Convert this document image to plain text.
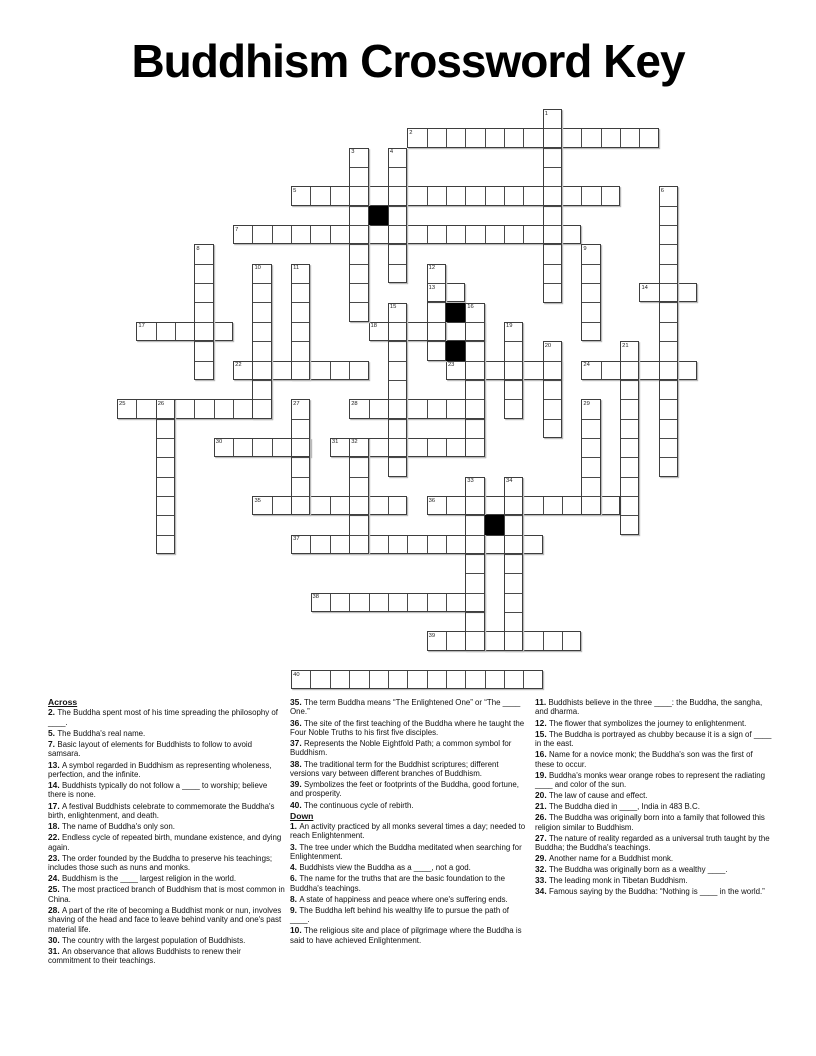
Buddhism Crossword Key
2
5
7
13	14
17	18
22	23	24
25	28
30	31
35	36
37
38
39
40
1
3	4
6
8	9
10	11	12
15	16
19
20	21
26	27	29
32
33	34
Across

2. The Buddha spent most of his time spreading the philosophy of ____.

5. The Buddha's real name.

7. Basic layout of elements for Buddhists to follow to avoid samsara.

13. A symbol regarded in Buddhism as representing wholeness, perfection, and the infinite.

14. Buddhists typically do not follow a ____ to worship; believe there is none.

17. A festival Buddhists celebrate to commemorate the Buddha's birth, enlightenment, and death.

18. The name of Buddha's only son.

22. Endless cycle of repeated birth, mundane existence, and dying again.

23. The order founded by the Buddha to preserve his teachings; includes those such as nuns and monks.

24. Buddhism is the ____ largest religion in the world.

25. The most practiced branch of Buddhism that is most common in China.

28. A part of the rite of becoming a Buddhist monk or nun, involves shaving of the head and face to leave behind vanity and one's past material life.

30. The country with the largest population of Buddhists.

31. An observance that allows Buddhists to renew their commitment to their teachings.

35. The term Buddha means “The Enlightened One” or “The ____ One.”

36. The site of the first teaching of the Buddha where he taught the Four Noble Truths to his first five disciples.

37. Represents the Noble Eightfold Path; a common symbol for Buddhism.

38. The traditional term for the Buddhist scriptures; different versions vary between different branches of Buddhism.

39. Symbolizes the feet or footprints of the Buddha, good fortune, and prosperity.

40. The continuous cycle of rebirth.

Down

1. An activity practiced by all monks several times a day; needed to reach Enlightenment.

3. The tree under which the Buddha meditated when searching for Enlightenment.

4. Buddhists view the Buddha as a ____, not a god.

6. The name for the truths that are the basic foundation to the Buddha's teachings.

8. A state of happiness and peace where one's suffering ends.

9. The Buddha left behind his wealthy life to pursue the path of ____.

10. The religious site and place of pilgrimage where the Buddha is said to have achieved Enlightenment.

11. Buddhists believe in the three ____: the Buddha, the sangha, and dharma.

12. The flower that symbolizes the journey to enlightenment.

15. The Buddha is portrayed as chubby because it is a sign of ____ in the east.

16. Name for a novice monk; the Buddha's son was the first of these to occur.

19. Buddha's monks wear orange robes to represent the radiating ____ and color of the sun.

20. The law of cause and effect.

21. The Buddha died in ____, India in 483 B.C.

26. The Buddha was originally born into a family that followed this religion similar to Buddhism.

27. The nature of reality regarded as a universal truth taught by the Buddha; the Buddha's teachings.

29. Another name for a Buddhist monk.

32. The Buddha was originally born as a wealthy ____.

33. The leading monk in Tibetan Buddhism.

34. Famous saying by the Buddha: “Nothing is ____ in the world.”
